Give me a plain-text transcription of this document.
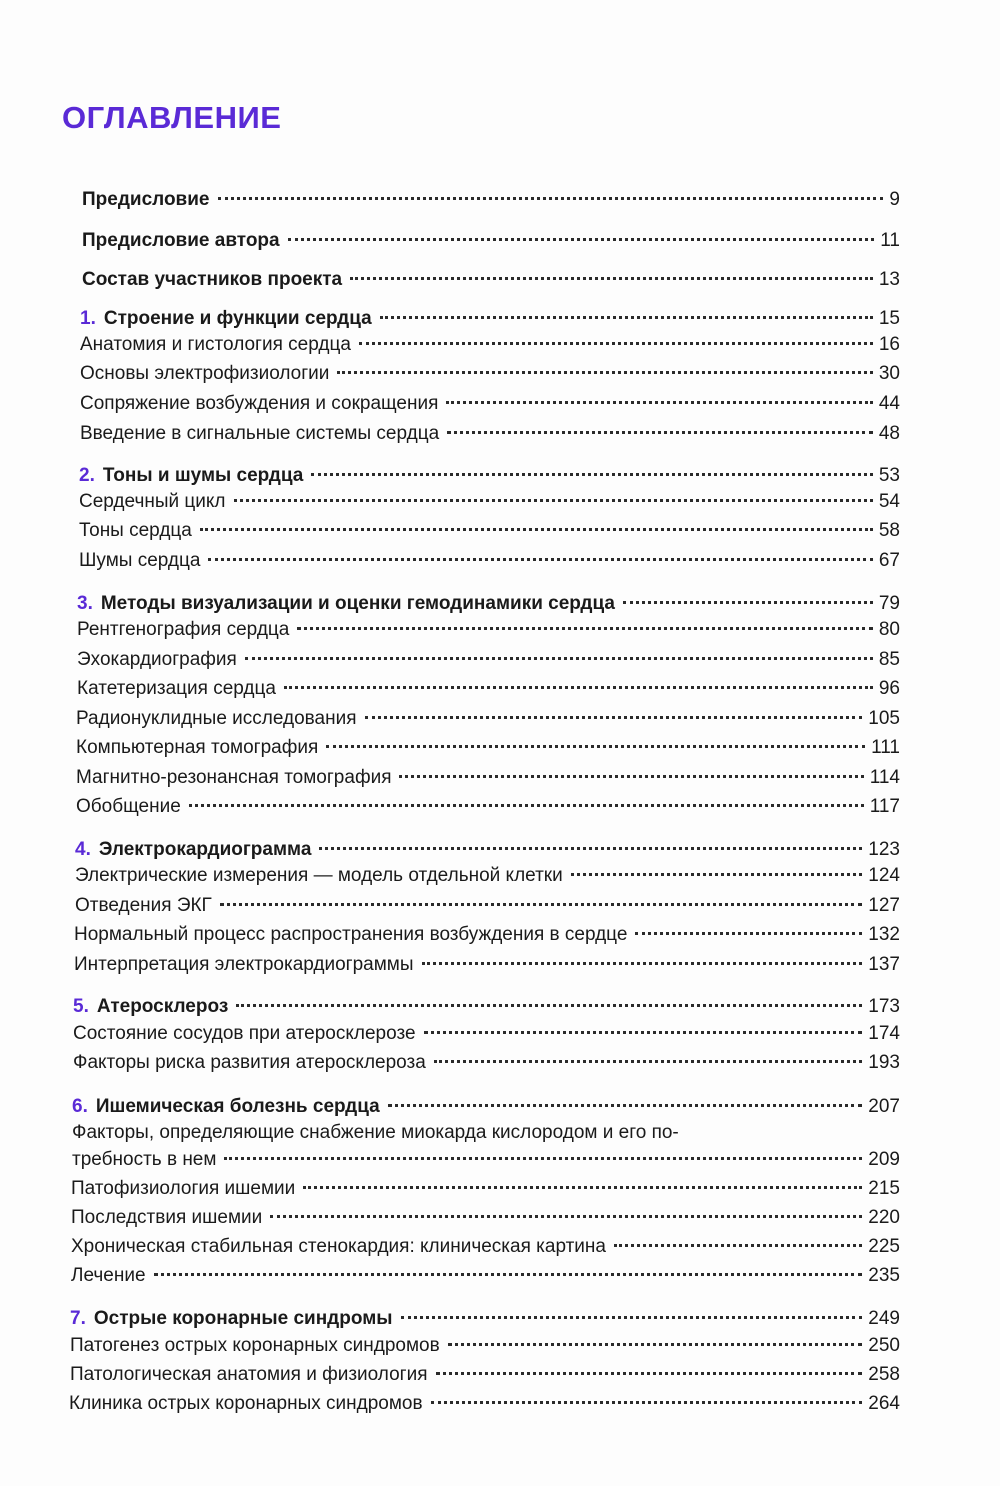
ОГЛАВЛЕНИЕ
Предисловие	9
Предисловие автора	11
Состав участников проекта	13
1. Строение и функции сердца	15
Анатомия и гистология сердца	16
Основы электрофизиологии	30
Сопряжение возбуждения и сокращения	44
Введение в сигнальные системы сердца	48
2. Тоны и шумы сердца	53
Сердечный цикл	54
Тоны сердца	58
Шумы сердца	67
3. Методы визуализации и оценки гемодинамики сердца	79
Рентгенография сердца	80
Эхокардиография	85
Катетеризация сердца	96
Радионуклидные исследования	105
Компьютерная томография	111
Магнитно-резонансная томография	114
Обобщение	117
4. Электрокардиограмма	123
Электрические измерения — модель отдельной клетки	124
Отведения ЭКГ	127
Нормальный процесс распространения возбуждения в сердце	132
Интерпретация электрокардиограммы	137
5. Атеросклероз	173
Состояние сосудов при атеросклерозе	174
Факторы риска развития атеросклероза	193
6. Ишемическая болезнь сердца	207
Факторы, определяющие снабжение миокарда кислородом и его по-
требность в нем	209
Патофизиология ишемии	215
Последствия ишемии	220
Хроническая стабильная стенокардия: клиническая картина	225
Лечение	235
7. Острые коронарные синдромы	249
Патогенез острых коронарных синдромов	250
Патологическая анатомия и физиология	258
Клиника острых коронарных синдромов	264
